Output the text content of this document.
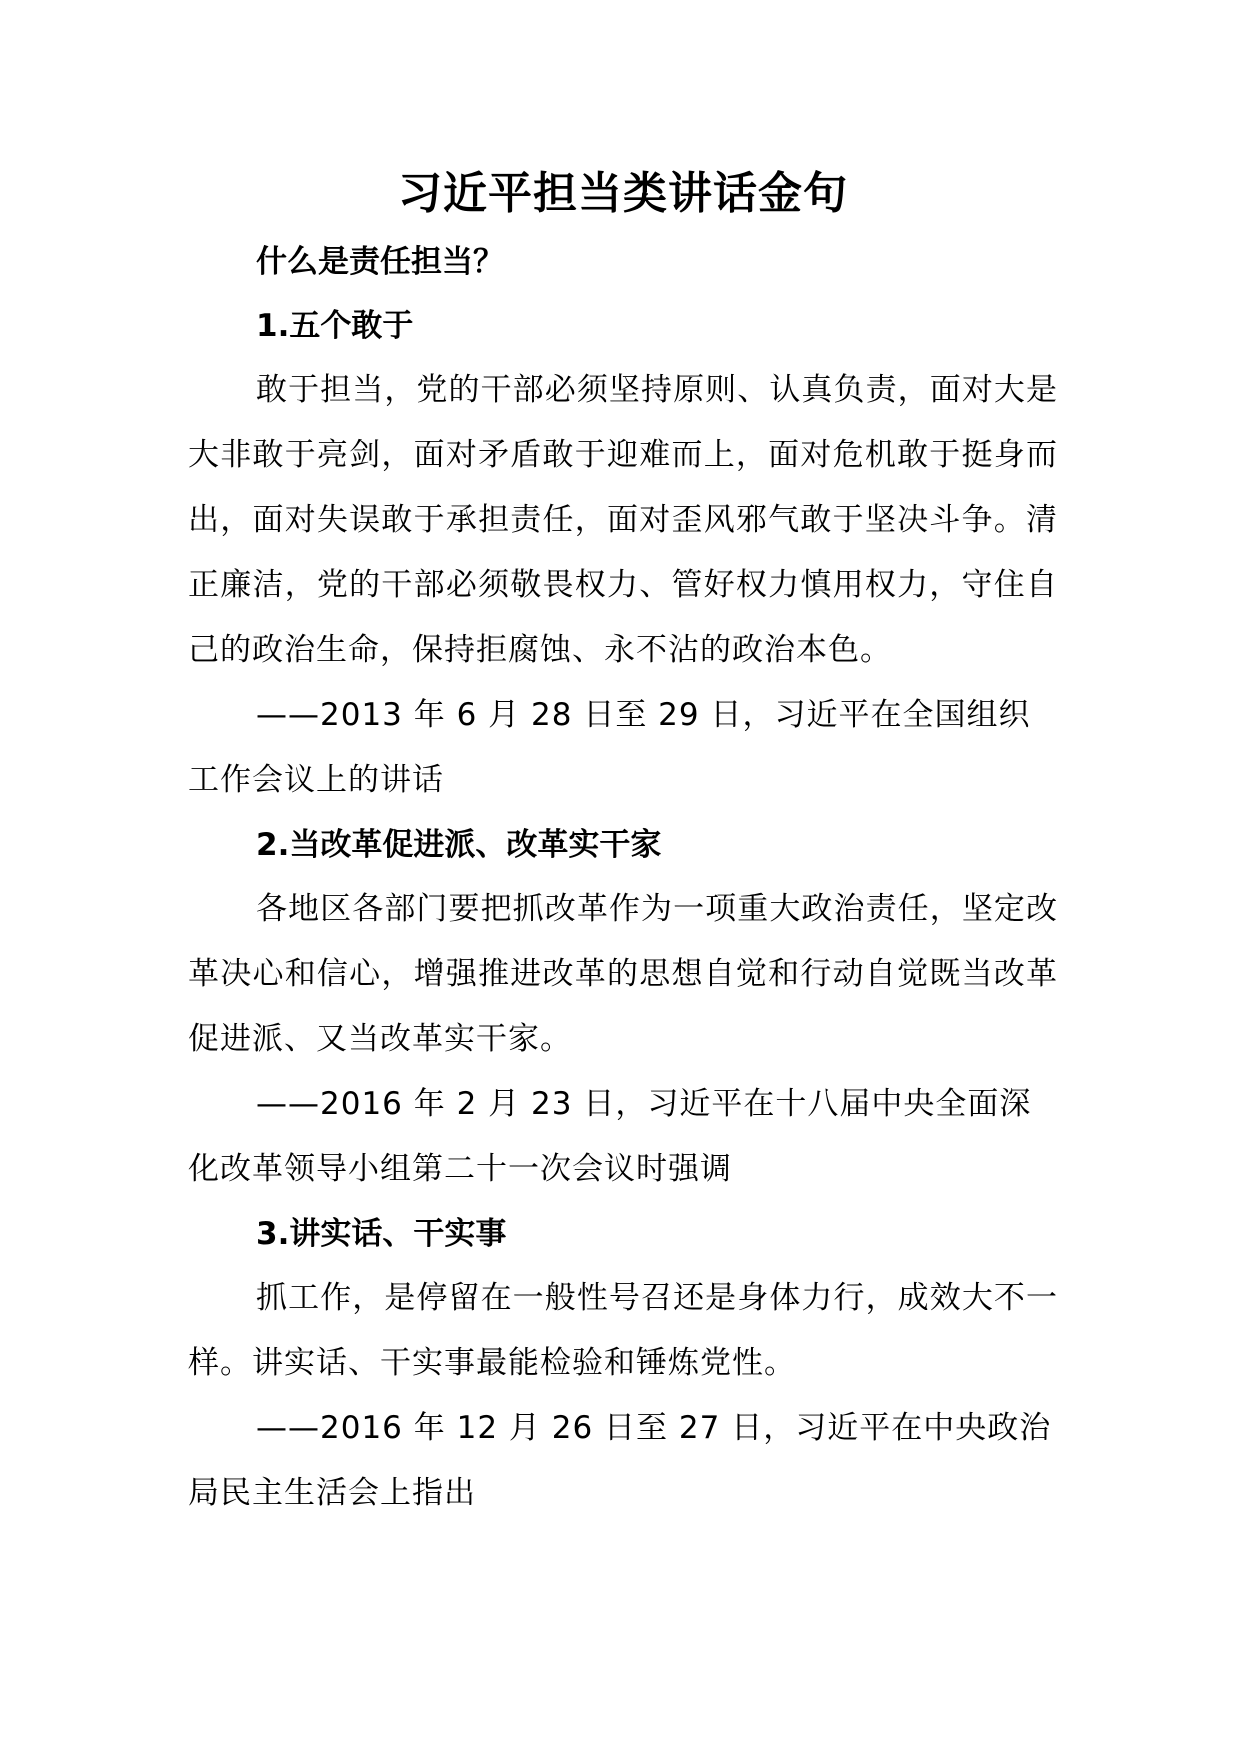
习近平担当类讲话金句
什么是责任担当？
1.五个敢于

敢于担当，党的干部必须坚持原则、认真负责，面对大是大非敢于亮剑，面对矛盾敢于迎难而上，面对危机敢于挺身而出，面对失误敢于承担责任，面对歪风邪气敢于坚决斗争。清正廉洁，党的干部必须敬畏权力、管好权力慎用权力，守住自己的政治生命，保持拒腐蚀、永不沾的政治本色。

——2013 年 6 月 28 日至 29 日，习近平在全国组织工作会议上的讲话

2.当改革促进派、改革实干家

各地区各部门要把抓改革作为一项重大政治责任，坚定改革决心和信心，增强推进改革的思想自觉和行动自觉既当改革促进派、又当改革实干家。

——2016 年 2 月 23 日，习近平在十八届中央全面深化改革领导小组第二十一次会议时强调

3.讲实话、干实事

抓工作，是停留在一般性号召还是身体力行，成效大不一样。讲实话、干实事最能检验和锤炼党性。

——2016 年 12 月 26 日至 27 日，习近平在中央政治局民主生活会上指出
